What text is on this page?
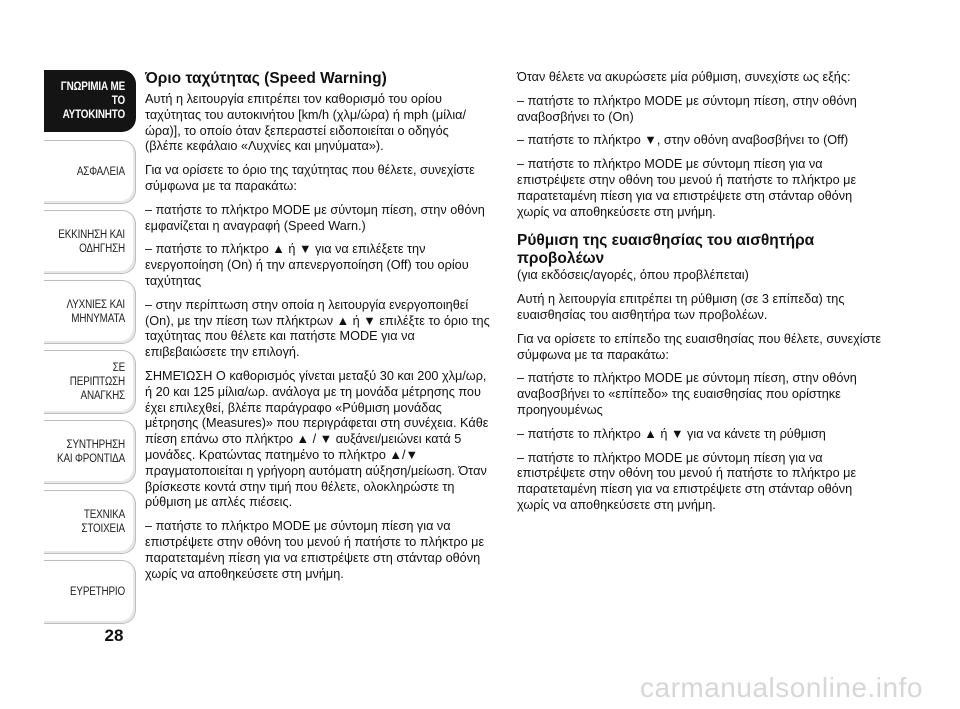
ΓΝΩΡΙΜΙΑ ΜΕ ΤΟ ΑΥΤΟΚΙΝΗΤΟ
ΑΣΦΑΛΕΙΑ
ΕΚΚΙΝΗΣΗ ΚΑΙ ΟΔΗΓΗΣΗ
ΛΥΧΝΙΕΣ ΚΑΙ ΜΗΝΥΜΑΤΑ
ΣΕ ΠΕΡΙΠΤΩΣΗ ΑΝΑΓΚΗΣ
ΣΥΝΤΗΡΗΣΗ ΚΑΙ ΦΡΟΝΤΙΔΑ
ΤΕΧΝΙΚΑ ΣΤΟΙΧΕΙΑ
ΕΥΡΕΤΗΡΙΟ
28
Όριο ταχύτητας (Speed Warning)

Αυτή η λειτουργία επιτρέπει τον καθορισμό του ορίου ταχύτητας του αυτοκινήτου [km/h (χλμ/ώρα) ή mph (μίλια/ώρα)], το οποίο όταν ξεπεραστεί ειδοποιείται ο οδηγός (βλέπε κεφάλαιο «Λυχνίες και μηνύματα»).

Για να ορίσετε το όριο της ταχύτητας που θέλετε, συνεχίστε σύμφωνα με τα παρακάτω:

– πατήστε το πλήκτρο MODE με σύντομη πίεση, στην οθόνη εμφανίζεται η αναγραφή (Speed Warn.)

– πατήστε το πλήκτρο ▲ ή ▼ για να επιλέξετε την ενεργοποίηση (On) ή την απενεργοποίηση (Off) του ορίου ταχύτητας

– στην περίπτωση στην οποία η λειτουργία ενεργοποιηθεί (On), με την πίεση των πλήκτρων ▲ ή ▼ επιλέξτε το όριο της ταχύτητας που θέλετε και πατήστε MODE για να επιβεβαιώσετε την επιλογή.

ΣΗΜΕΊΩΣΗ Ο καθορισμός γίνεται μεταξύ 30 και 200 χλμ/ωρ, ή 20 και 125 μίλια/ωρ. ανάλογα με τη μονάδα μέτρησης που έχει επιλεχθεί, βλέπε παράγραφο «Ρύθμιση μονάδας μέτρησης (Measures)» που περιγράφεται στη συνέχεια. Κάθε πίεση επάνω στο πλήκτρο ▲ / ▼ αυξάνει/μειώνει κατά 5 μονάδες. Κρατώντας πατημένο το πλήκτρο ▲/▼ πραγματοποιείται η γρήγορη αυτόματη αύξηση/μείωση. Όταν βρίσκεστε κοντά στην τιμή που θέλετε, ολοκληρώστε τη ρύθμιση με απλές πιέσεις.

– πατήστε το πλήκτρο MODE με σύντομη πίεση για να επιστρέψετε στην οθόνη του μενού ή πατήστε το πλήκτρο με παρατεταμένη πίεση για να επιστρέψετε στη στάνταρ οθόνη χωρίς να αποθηκεύσετε στη μνήμη.

Όταν θέλετε να ακυρώσετε μία ρύθμιση, συνεχίστε ως εξής:

– πατήστε το πλήκτρο MODE με σύντομη πίεση, στην οθόνη αναβοσβήνει το (On)

– πατήστε το πλήκτρο ▼, στην οθόνη αναβοσβήνει το (Off)

– πατήστε το πλήκτρο MODE με σύντομη πίεση για να επιστρέψετε στην οθόνη του μενού ή πατήστε το πλήκτρο με παρατεταμένη πίεση για να επιστρέψετε στη στάνταρ οθόνη χωρίς να αποθηκεύσετε στη μνήμη.

Ρύθμιση της ευαισθησίας του αισθητήρα προβολέων

(για εκδόσεις/αγορές, όπου προβλέπεται)

Αυτή η λειτουργία επιτρέπει τη ρύθμιση (σε 3 επίπεδα) της ευαισθησίας του αισθητήρα των προβολέων.

Για να ορίσετε το επίπεδο της ευαισθησίας που θέλετε, συνεχίστε σύμφωνα με τα παρακάτω:

– πατήστε το πλήκτρο MODE με σύντομη πίεση, στην οθόνη αναβοσβήνει το «επίπεδο» της ευαισθησίας που ορίστηκε προηγουμένως

– πατήστε το πλήκτρο ▲ ή ▼ για να κάνετε τη ρύθμιση

– πατήστε το πλήκτρο MODE με σύντομη πίεση για να επιστρέψετε στην οθόνη του μενού ή πατήστε το πλήκτρο με παρατεταμένη πίεση για να επιστρέψετε στη στάνταρ οθόνη χωρίς να αποθηκεύσετε στη μνήμη.

carmanualsonline.info
